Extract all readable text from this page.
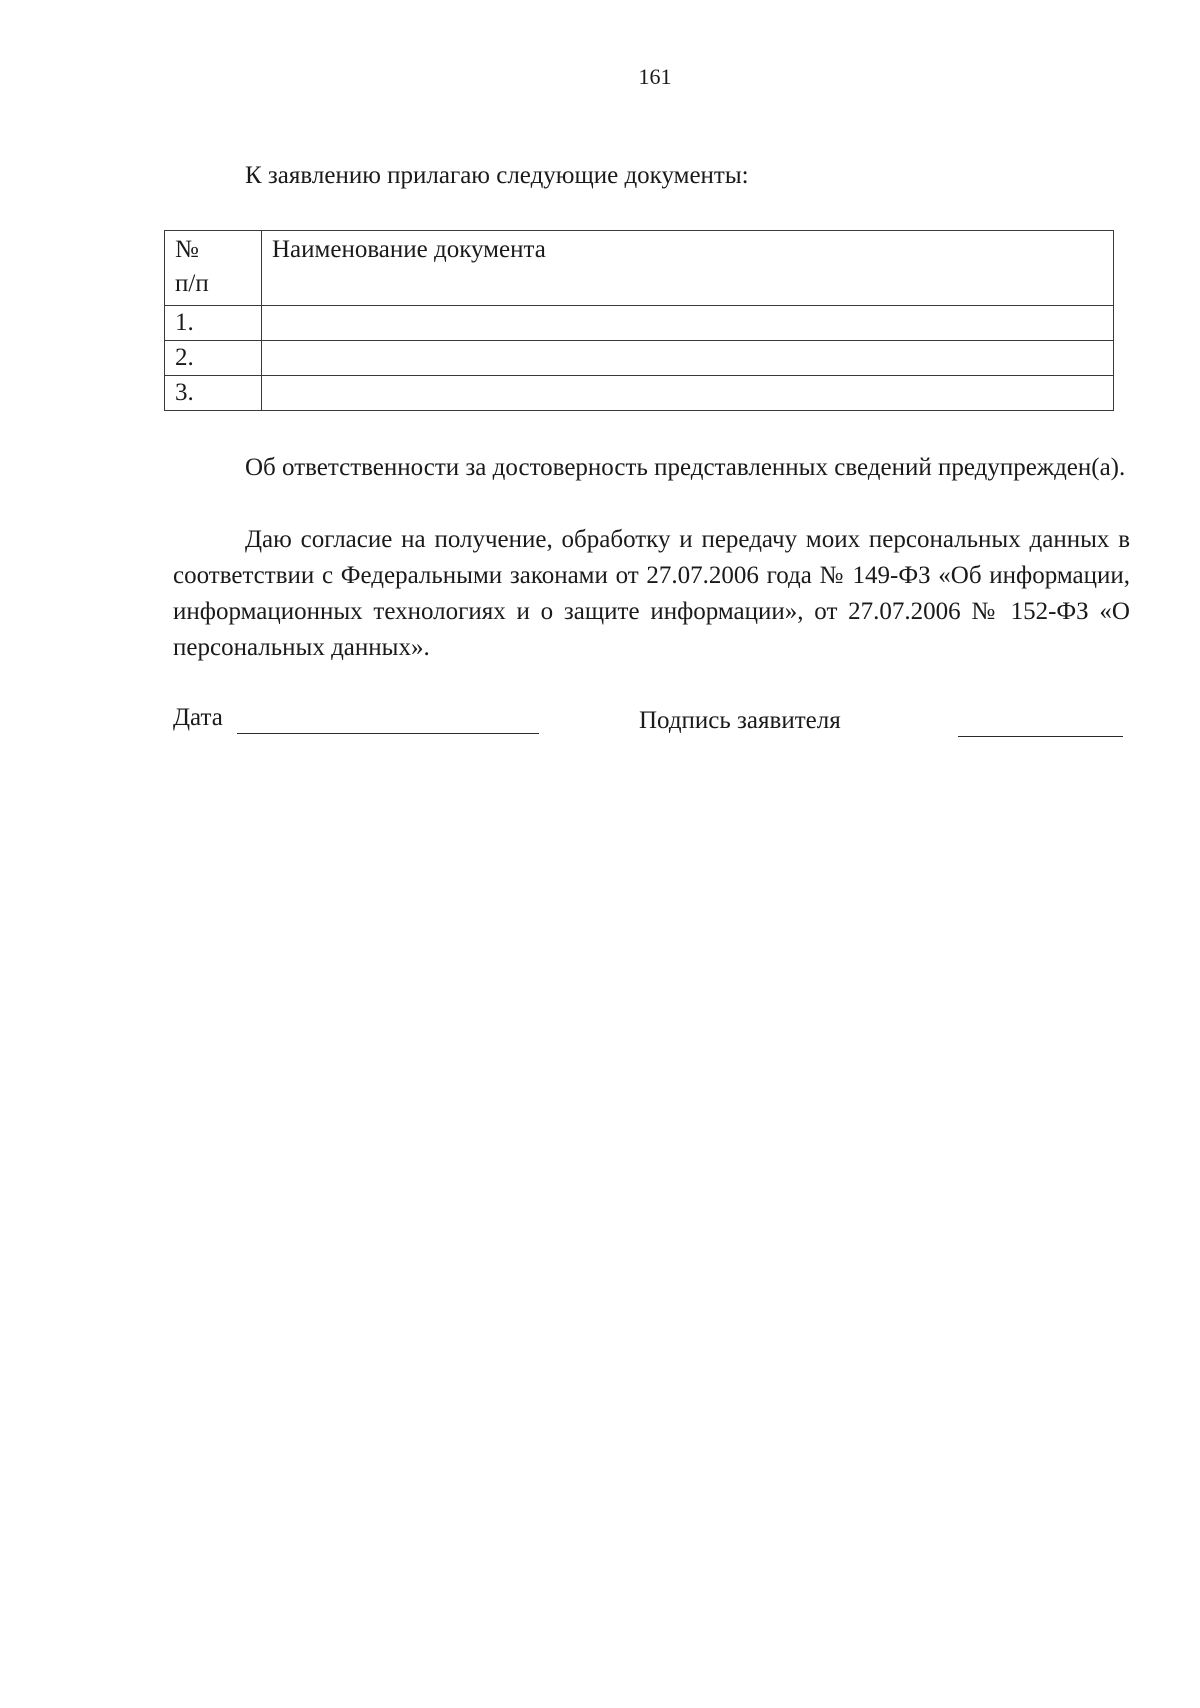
161
К заявлению прилагаю следующие документы:
№
п/п	Наименование документа
1.	
2.	
3.	
Об ответственности за достоверность представленных сведений предупрежден(а).
Даю согласие на получение, обработку и передачу моих персональных данных в соответствии с Федеральными законами от 27.07.2006 года № 149-ФЗ «Об информации, информационных технологиях и о защите информации», от 27.07.2006 № 152-ФЗ «О персональных данных».
Дата	Подпись заявителя
